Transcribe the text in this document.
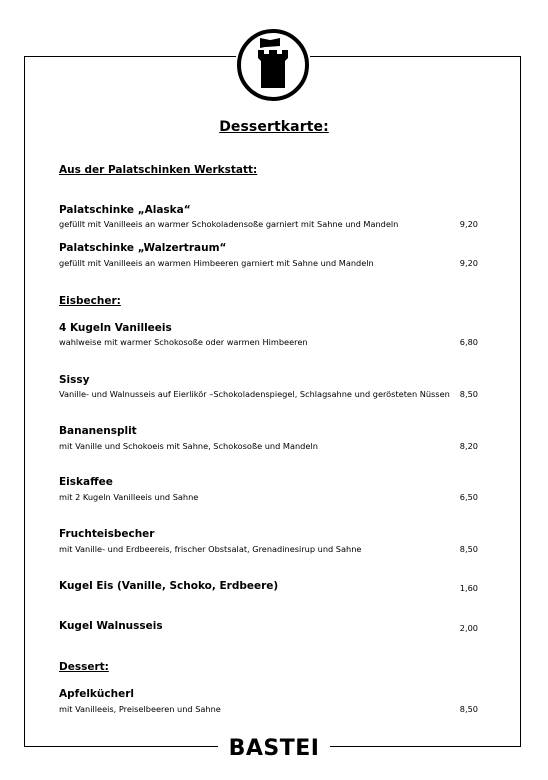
Dessertkarte:
Aus der Palatschinken Werkstatt:
Palatschinke „Alaska“
gefüllt mit Vanilleeis an warmer Schokoladensoße garniert mit Sahne und Mandeln	9,20
Palatschinke „Walzertraum“
gefüllt mit Vanilleeis an warmen Himbeeren garniert mit Sahne und Mandeln	9,20
Eisbecher:
4 Kugeln Vanilleeis
wahlweise mit warmer Schokosoße oder warmen Himbeeren	6,80
Sissy
Vanille- und Walnusseis auf Eierlikör –Schokoladenspiegel, Schlagsahne und gerösteten Nüssen 8,50
Bananensplit
mit Vanille und Schokoeis mit Sahne, Schokosoße und Mandeln	8,20
Eiskaffee
mit 2 Kugeln Vanilleeis und Sahne	6,50
Fruchteisbecher
mit Vanille- und Erdbeereis, frischer Obstsalat, Grenadinesirup und Sahne	8,50
Kugel Eis (Vanille, Schoko, Erdbeere)	1,60
Kugel Walnusseis	2,00
Dessert:
Apfelkücherl
mit Vanilleeis, Preiselbeeren und Sahne	8,50
BASTEI
